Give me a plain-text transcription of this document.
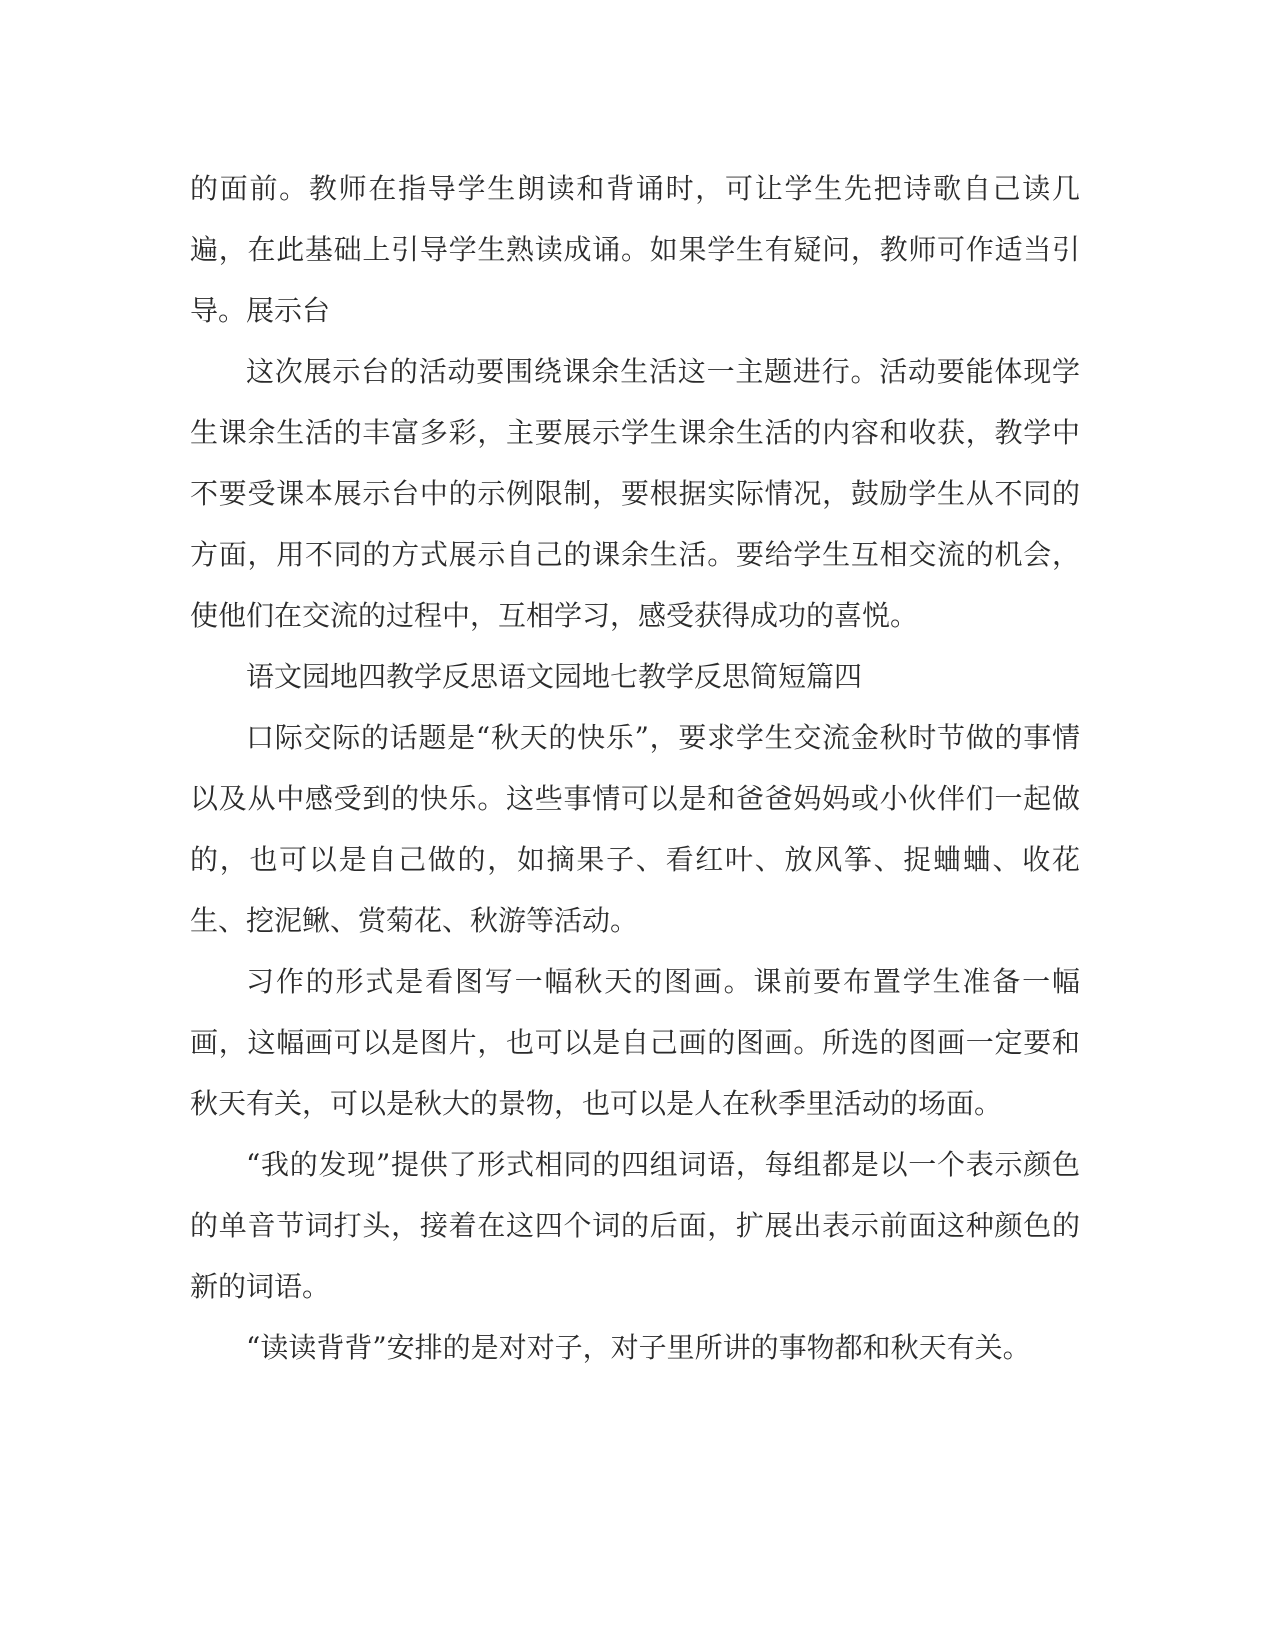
的面前。教师在指导学生朗读和背诵时，可让学生先把诗歌自己读几遍，在此基础上引导学生熟读成诵。如果学生有疑问，教师可作适当引导。展示台

这次展示台的活动要围绕课余生活这一主题进行。活动要能体现学生课余生活的丰富多彩，主要展示学生课余生活的内容和收获，教学中不要受课本展示台中的示例限制，要根据实际情况，鼓励学生从不同的方面，用不同的方式展示自己的课余生活。要给学生互相交流的机会，使他们在交流的过程中，互相学习，感受获得成功的喜悦。

语文园地四教学反思语文园地七教学反思简短篇四

口际交际的话题是“秋天的快乐”，要求学生交流金秋时节做的事情以及从中感受到的快乐。这些事情可以是和爸爸妈妈或小伙伴们一起做的，也可以是自己做的，如摘果子、看红叶、放风筝、捉蛐蛐、收花生、挖泥鳅、赏菊花、秋游等活动。

习作的形式是看图写一幅秋天的图画。课前要布置学生准备一幅画，这幅画可以是图片，也可以是自己画的图画。所选的图画一定要和秋天有关，可以是秋大的景物，也可以是人在秋季里活动的场面。

“我的发现”提供了形式相同的四组词语，每组都是以一个表示颜色的单音节词打头，接着在这四个词的后面，扩展出表示前面这种颜色的新的词语。

“读读背背”安排的是对对子，对子里所讲的事物都和秋天有关。
